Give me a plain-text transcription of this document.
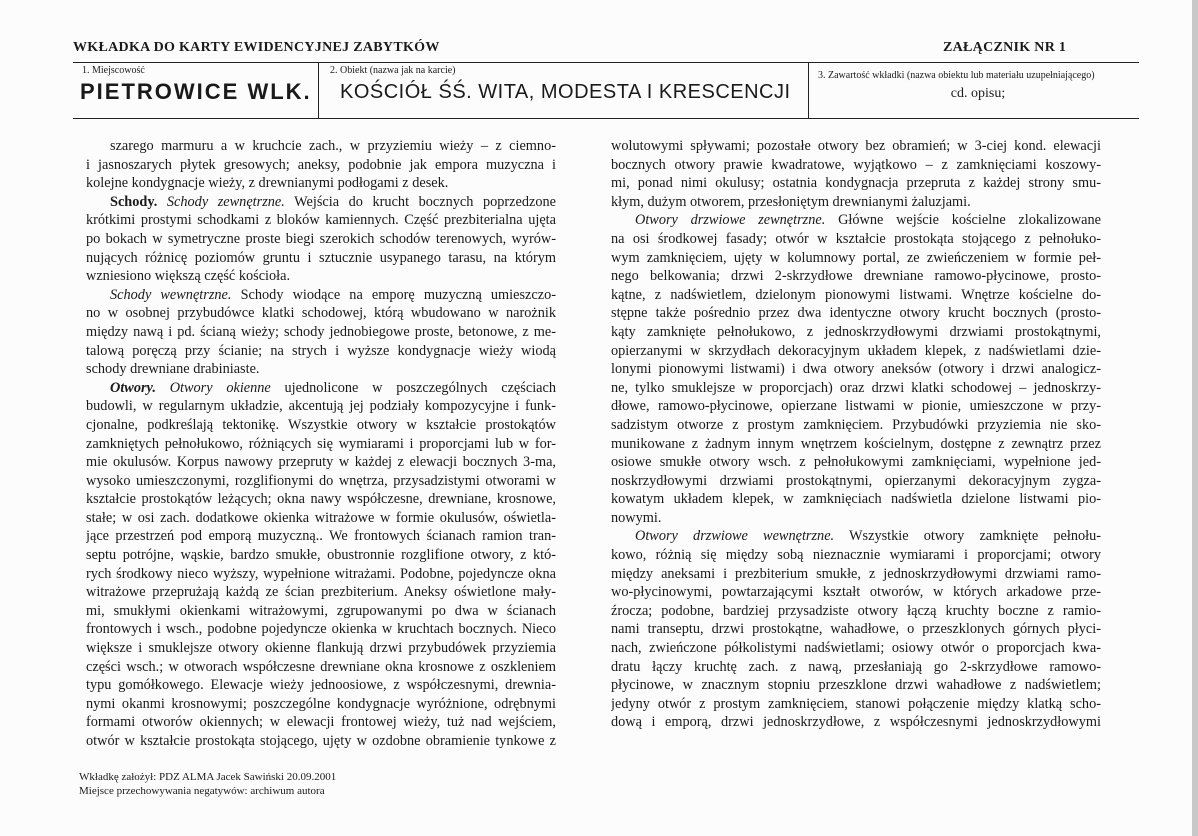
WKŁADKA DO KARTY EWIDENCYJNEJ ZABYTKÓW	ZAŁĄCZNIK NR 1
1. Miejscowość
PIETROWICE WLK.
2. Obiekt (nazwa jak na karcie)
KOŚCIÓŁ ŚŚ. WITA, MODESTA I KRESCENCJI
3. Zawartość wkładki (nazwa obiektu lub materiału uzupełniającego)
cd. opisu;
szarego marmuru a w kruchcie zach., w przyziemiu wieży – z ciemno-
i jasnoszarych płytek gresowych; aneksy, podobnie jak empora muzyczna i
kolejne kondygnacje wieży, z drewnianymi podłogami z desek.
Schody. Schody zewnętrzne. Wejścia do krucht bocznych poprzedzone
krótkimi prostymi schodkami z bloków kamiennych. Część prezbiterialna ujęta
po bokach w symetryczne proste biegi szerokich schodów terenowych, wyrów-
nujących różnicę poziomów gruntu i sztucznie usypanego tarasu, na którym
wzniesiono większą część kościoła.
Schody wewnętrzne. Schody wiodące na emporę muzyczną umieszczo-
no w osobnej przybudówce klatki schodowej, którą wbudowano w narożnik
między nawą i pd. ścianą wieży; schody jednobiegowe proste, betonowe, z me-
talową poręczą przy ścianie; na strych i wyższe kondygnacje wieży wiodą
schody drewniane drabiniaste.
Otwory. Otwory okienne ujednolicone w poszczególnych częściach
budowli, w regularnym układzie, akcentują jej podziały kompozycyjne i funk-
cjonalne, podkreślają tektonikę. Wszystkie otwory w kształcie prostokątów
zamkniętych pełnołukowo, różniących się wymiarami i proporcjami lub w for-
mie okulusów. Korpus nawowy przepruty w każdej z elewacji bocznych 3-ma,
wysoko umieszczonymi, rozglifionymi do wnętrza, przysadzistymi otworami w
kształcie prostokątów leżących; okna nawy współczesne, drewniane, krosnowe,
stałe; w osi zach. dodatkowe okienka witrażowe w formie okulusów, oświetla-
jące przestrzeń pod emporą muzyczną.. We frontowych ścianach ramion tran-
septu potrójne, wąskie, bardzo smukłe, obustronnie rozglifione otwory, z któ-
rych środkowy nieco wyższy, wypełnione witrażami. Podobne, pojedyncze okna
witrażowe przeprużają każdą ze ścian prezbiterium. Aneksy oświetlone mały-
mi, smukłymi okienkami witrażowymi, zgrupowanymi po dwa w ścianach
frontowych i wsch., podobne pojedyncze okienka w kruchtach bocznych. Nieco
większe i smuklejsze otwory okienne flankują drzwi przybudówek przyziemia
części wsch.; w otworach współczesne drewniane okna krosnowe z oszkleniem
typu gomółkowego. Elewacje wieży jednoosiowe, z współczesnymi, drewnia-
nymi okanmi krosnowymi; poszczególne kondygnacje wyróżnione, odrębnymi
formami otworów okiennych; w elewacji frontowej wieży, tuż nad wejściem,
otwór w kształcie prostokąta stojącego, ujęty w ozdobne obramienie tynkowe z
wolutowymi spływami; pozostałe otwory bez obramień; w 3-ciej kond. elewacji
bocznych otwory prawie kwadratowe, wyjątkowo – z zamknięciami koszowy-
mi, ponad nimi okulusy; ostatnia kondygnacja przepruta z każdej strony smu-
kłym, dużym otworem, przesłoniętym drewnianymi żaluzjami.
Otwory drzwiowe zewnętrzne. Główne wejście kościelne zlokalizowane
na osi środkowej fasady; otwór w kształcie prostokąta stojącego z pełnołuko-
wym zamknięciem, ujęty w kolumnowy portal, ze zwieńczeniem w formie peł-
nego belkowania; drzwi 2-skrzydłowe drewniane ramowo-płycinowe, prosto-
kątne, z nadświetlem, dzielonym pionowymi listwami. Wnętrze kościelne do-
stępne także pośrednio przez dwa identyczne otwory krucht bocznych (prosto-
kąty zamknięte pełnołukowo, z jednoskrzydłowymi drzwiami prostokątnymi,
opierzanymi w skrzydłach dekoracyjnym układem klepek, z nadświetlami dzie-
lonymi pionowymi listwami) i dwa otwory aneksów (otwory i drzwi analogicz-
ne, tylko smuklejsze w proporcjach) oraz drzwi klatki schodowej – jednoskrzy-
dłowe, ramowo-płycinowe, opierzane listwami w pionie, umieszczone w przy-
sadzistym otworze z prostym zamknięciem. Przybudówki przyziemia nie sko-
munikowane z żadnym innym wnętrzem kościelnym, dostępne z zewnątrz przez
osiowe smukłe otwory wsch. z pełnołukowymi zamknięciami, wypełnione jed-
noskrzydłowymi drzwiami prostokątnymi, opierzanymi dekoracyjnym zygza-
kowatym układem klepek, w zamknięciach nadświetla dzielone listwami pio-
nowymi.
Otwory drzwiowe wewnętrzne. Wszystkie otwory zamknięte pełnołu-
kowo, różnią się między sobą nieznacznie wymiarami i proporcjami; otwory
między aneksami i prezbiterium smukłe, z jednoskrzydłowymi drzwiami ramo-
wo-płycinowymi, powtarzającymi kształt otworów, w których arkadowe prze-
źrocza; podobne, bardziej przysadziste otwory łączą kruchty boczne z ramio-
nami transeptu, drzwi prostokątne, wahadłowe, o przeszklonych górnych płyci-
nach, zwieńczone półkolistymi nadświetlami; osiowy otwór o proporcjach kwa-
dratu łączy kruchtę zach. z nawą, przesłaniają go 2-skrzydłowe ramowo-
płycinowe, w znacznym stopniu przeszklone drzwi wahadłowe z nadświetlem;
jedyny otwór z prostym zamknięciem, stanowi połączenie między klatką scho-
dową i emporą, drzwi jednoskrzydłowe, z współczesnymi jednoskrzydłowymi
Wkładkę założył: PDZ ALMA Jacek Sawiński 20.09.2001
Miejsce przechowywania negatywów: archiwum autora
